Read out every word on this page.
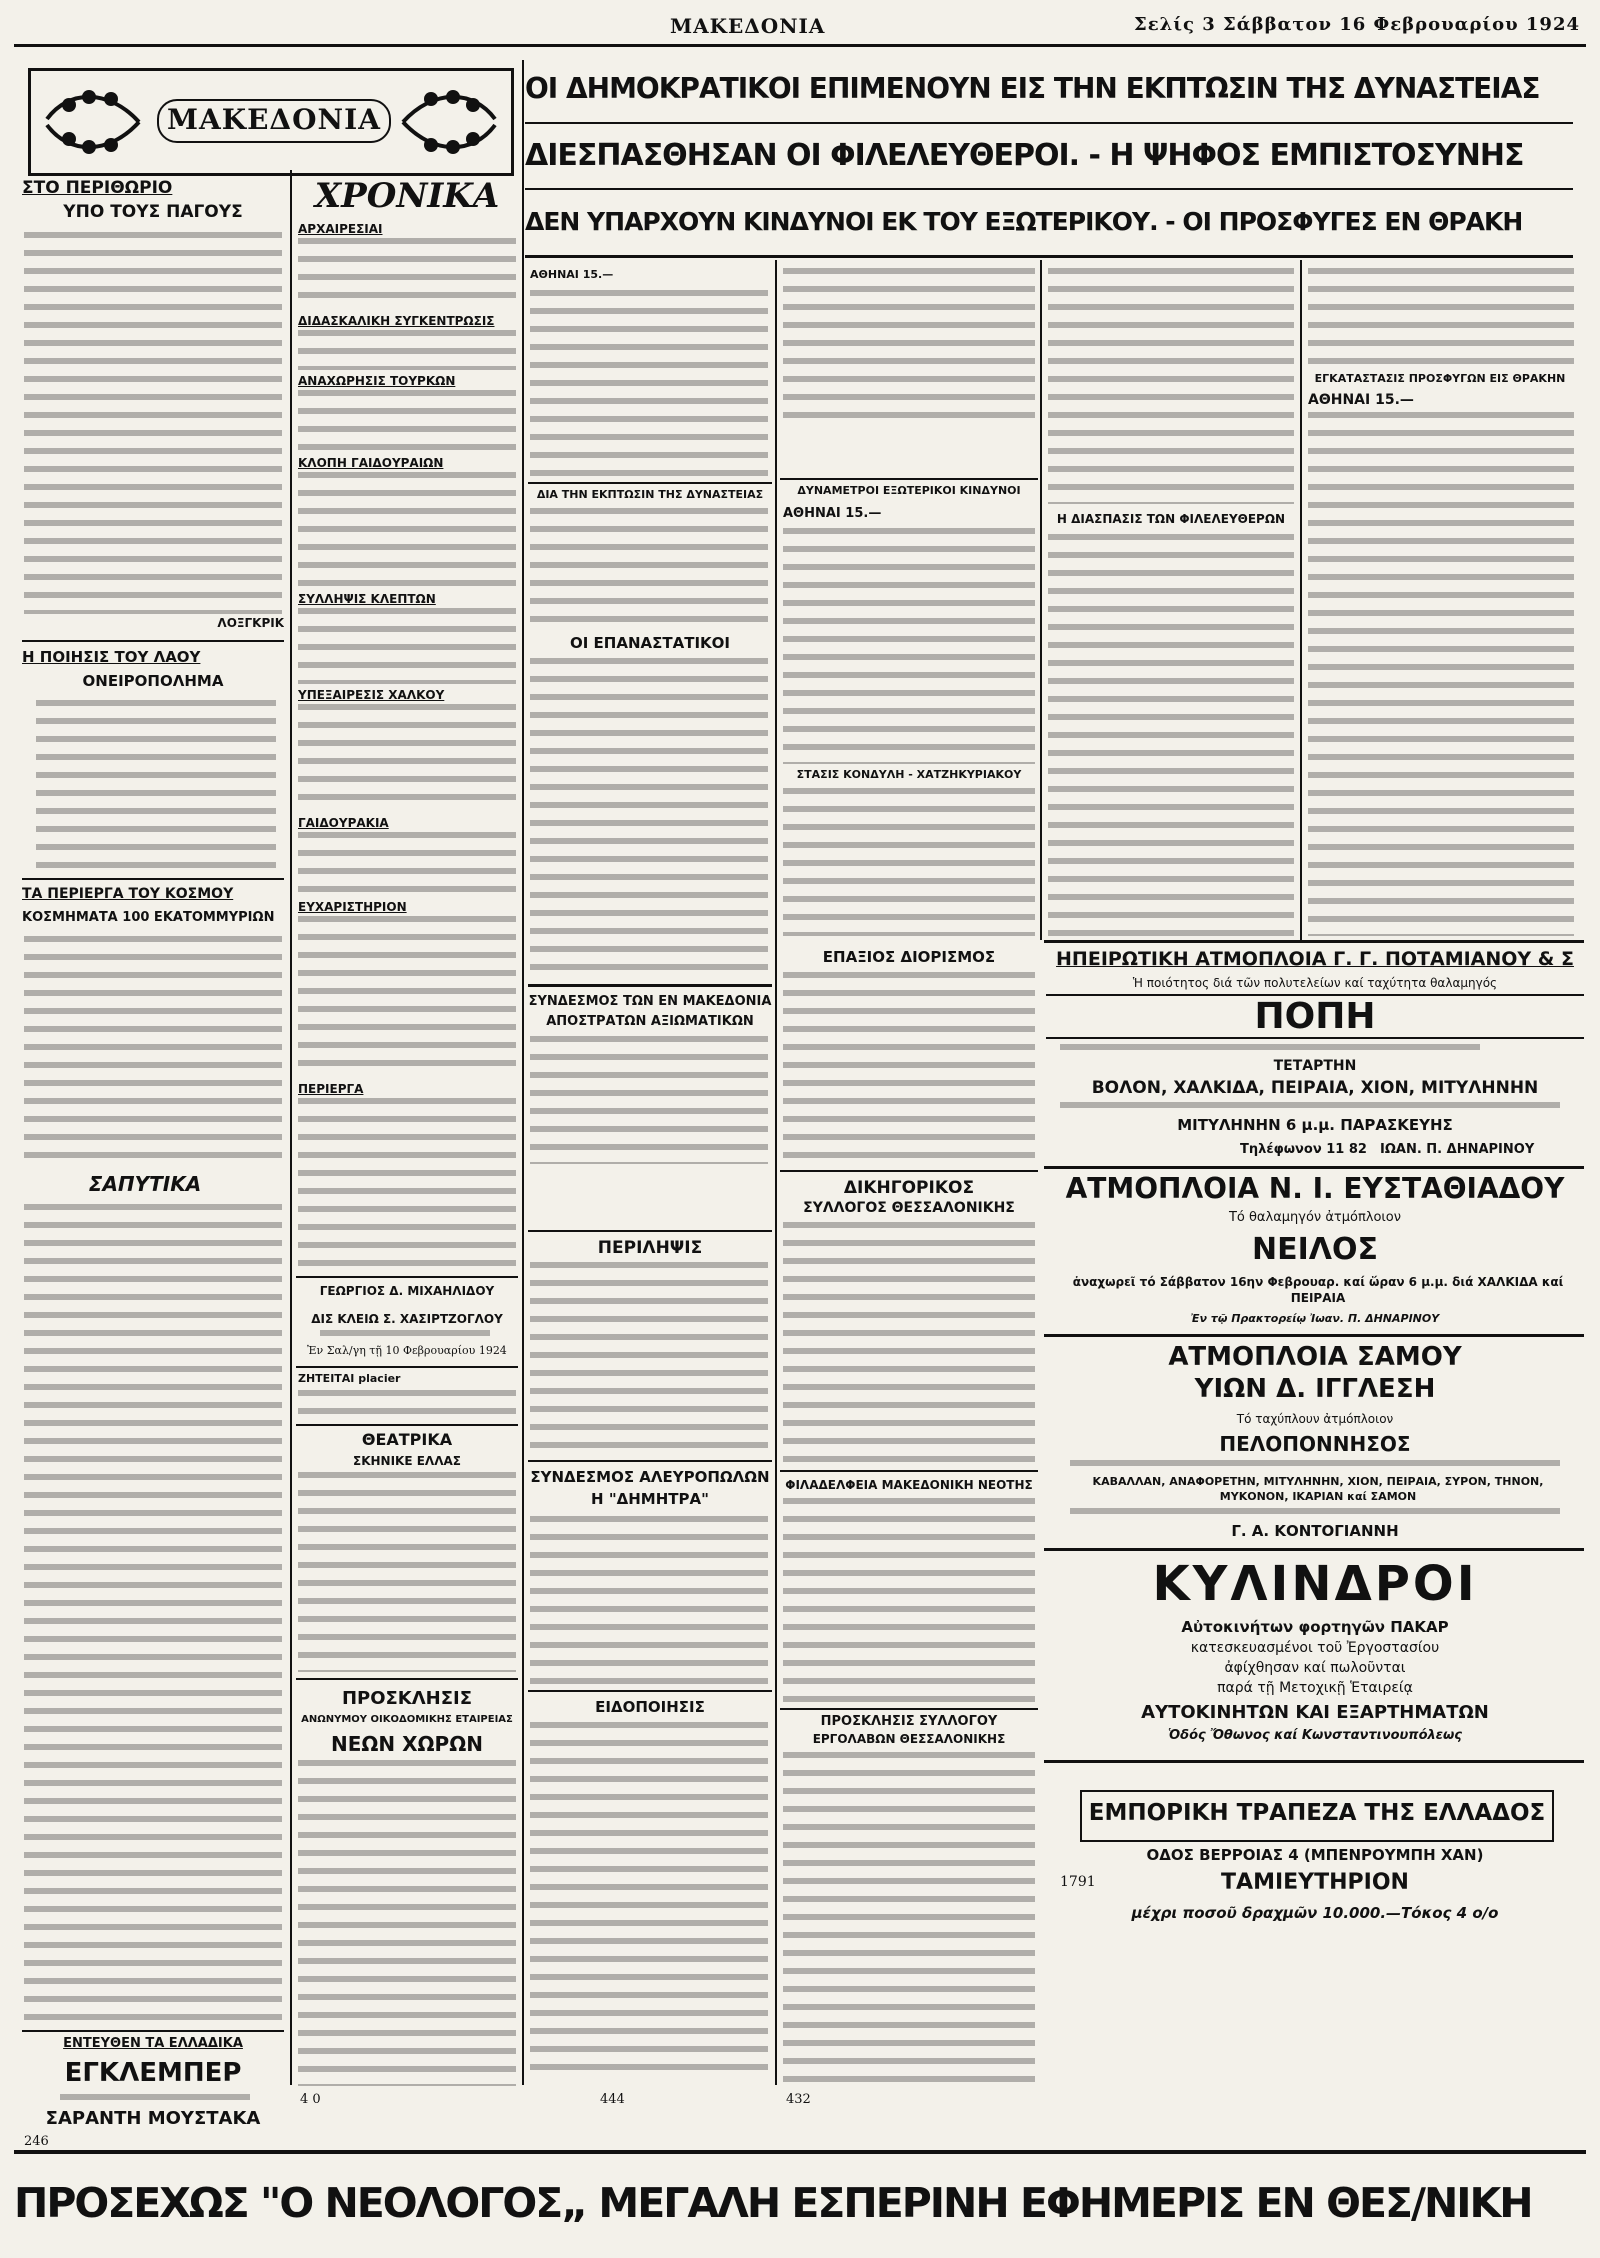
ΜΑΚΕΔΟΝΙΑ	Σελίς 3 Σάββατον 16 Φεβρουαρίου 1924
ΜΑΚΕΔΟΝΙΑ
ΟΙ ΔΗΜΟΚΡΑΤΙΚΟΙ ΕΠΙΜΕΝΟΥΝ ΕΙΣ ΤΗΝ ΕΚΠΤΩΣΙΝ ΤΗΣ ΔΥΝΑΣΤΕΙΑΣ
ΔΙΕΣΠΑΣΘΗΣΑΝ ΟΙ ΦΙΛΕΛΕΥΘΕΡΟΙ. - Η ΨΗΦΟΣ ΕΜΠΙΣΤΟΣΥΝΗΣ
ΔΕΝ ΥΠΑΡΧΟΥΝ ΚΙΝΔΥΝΟΙ ΕΚ ΤΟΥ ΕΞΩΤΕΡΙΚΟΥ. - ΟΙ ΠΡΟΣΦΥΓΕΣ ΕΝ ΘΡΑΚΗ
ΣΤΟ ΠΕΡΙΘΩΡΙΟ
ΥΠΟ ΤΟΥΣ ΠΑΓΟΥΣ
ΛΟΞΓΚΡΙΚ
Η ΠΟΙΗΣΙΣ ΤΟΥ ΛΑΟΥ
ΟΝΕΙΡΟΠΟΛΗΜΑ
ΤΑ ΠΕΡΙΕΡΓΑ ΤΟΥ ΚΟΣΜΟΥ
ΚΟΣΜΗΜΑΤΑ 100 ΕΚΑΤΟΜΜΥΡΙΩΝ
ΣΑΠΥΤΙΚΑ
ΕΝΤΕΥΘΕΝ ΤΑ ΕΛΛΑΔΙΚΑ
ΕΓΚΛΕΜΠΕΡ
ΣΑΡΑΝΤΗ ΜΟΥΣΤΑΚΑ
246
ΧΡΟΝΙΚΑ
ΑΡΧΑΙΡΕΣΙΑΙ
ΔΙΔΑΣΚΑΛΙΚΗ ΣΥΓΚΕΝΤΡΩΣΙΣ
ΑΝΑΧΩΡΗΣΙΣ ΤΟΥΡΚΩΝ
ΚΛΟΠΗ ΓΑΙΔΟΥΡΑΙΩΝ
ΣΥΛΛΗΨΙΣ ΚΛΕΠΤΩΝ
ΥΠΕΞΑΙΡΕΣΙΣ ΧΑΛΚΟΥ
ΓΑΙΔΟΥΡΑΚΙΑ
ΕΥΧΑΡΙΣΤΗΡΙΟΝ
ΠΕΡΙΕΡΓΑ
ΓΕΩΡΓΙΟΣ Δ. ΜΙΧΑΗΛΙΔΟΥ
ΔΙΣ ΚΛΕΙΩ Σ. ΧΑΣΙΡΤΖΟΓΛΟΥ
Ἐν Σαλ/γη τῇ 10 Φεβρουαρίου 1924
ΖΗΤΕΙΤΑΙ placier
ΘΕΑΤΡΙΚΑ
ΣΚΗΝΙΚΕ ΕΛΛΑΣ
ΠΡΟΣΚΛΗΣΙΣ
ΑΝΩΝΥΜΟΥ ΟΙΚΟΔΟΜΙΚΗΣ ΕΤΑΙΡΕΙΑΣ
ΝΕΩΝ ΧΩΡΩΝ
4 0
ΑΘΗΝΑΙ 15.—
ΔΙΑ ΤΗΝ ΕΚΠΤΩΣΙΝ ΤΗΣ ΔΥΝΑΣΤΕΙΑΣ
ΟΙ ΕΠΑΝΑΣΤΑΤΙΚΟΙ
ΣΥΝΔΕΣΜΟΣ ΤΩΝ ΕΝ ΜΑΚΕΔΟΝΙΑ
ΑΠΟΣΤΡΑΤΩΝ ΑΞΙΩΜΑΤΙΚΩΝ
ΠΕΡΙΛΗΨΙΣ
ΣΥΝΔΕΣΜΟΣ ΑΛΕΥΡΟΠΩΛΩΝ
Η "ΔΗΜΗΤΡΑ"
ΕΙΔΟΠΟΙΗΣΙΣ
444
ΔΥΝΑΜΕΤΡΟΙ ΕΞΩΤΕΡΙΚΟΙ ΚΙΝΔΥΝΟΙ
ΑΘΗΝΑΙ 15.—
ΣΤΑΣΙΣ ΚΟΝΔΥΛΗ - ΧΑΤΖΗΚΥΡΙΑΚΟΥ
ΕΠΑΞΙΟΣ ΔΙΟΡΙΣΜΟΣ
ΔΙΚΗΓΟΡΙΚΟΣ
ΣΥΛΛΟΓΟΣ ΘΕΣΣΑΛΟΝΙΚΗΣ
ΦΙΛΑΔΕΛΦΕΙΑ ΜΑΚΕΔΟΝΙΚΗ ΝΕΟΤΗΣ
ΠΡΟΣΚΛΗΣΙΣ ΣΥΛΛΟΓΟΥ
ΕΡΓΟΛΑΒΩΝ ΘΕΣΣΑΛΟΝΙΚΗΣ
432
Η ΔΙΑΣΠΑΣΙΣ ΤΩΝ ΦΙΛΕΛΕΥΘΕΡΩΝ
ΕΓΚΑΤΑΣΤΑΣΙΣ ΠΡΟΣΦΥΓΩΝ ΕΙΣ ΘΡΑΚΗΝ
ΑΘΗΝΑΙ 15.—
ΗΠΕΙΡΩΤΙΚΗ ΑΤΜΟΠΛΟΙΑ Γ. Γ. ΠΟΤΑΜΙΑΝΟΥ & Σ
Ἡ ποιότητος διά τῶν πολυτελείων καί ταχύτητα θαλαμηγός
ΠΟΠΗ
ΤΕΤΑΡΤΗΝ
ΒΟΛΟΝ, ΧΑΛΚΙΔΑ, ΠΕΙΡΑΙΑ, ΧΙΟΝ, ΜΙΤΥΛΗΝΗΝ
ΜΙΤΥΛΗΝΗΝ 6 μ.μ. ΠΑΡΑΣΚΕΥΗΣ
Τηλέφωνον 11 82 ΙΩΑΝ. Π. ΔΗΝΑΡΙΝΟΥ
ΑΤΜΟΠΛΟΙΑ Ν. Ι. ΕΥΣΤΑΘΙΑΔΟΥ
Τό θαλαμηγόν ἀτμόπλοιον
ΝΕΙΛΟΣ
ἀναχωρεῖ τό Σάββατον 16ην Φεβρουαρ. καί ὥραν 6 μ.μ. διά ΧΑΛΚΙΔΑ καί ΠΕΙΡΑΙΑ
Ἐν τῷ Πρακτορείῳ Ἰωαν. Π. ΔΗΝΑΡΙΝΟΥ
ΑΤΜΟΠΛΟΙΑ ΣΑΜΟΥ
ΥΙΩΝ Δ. ΙΓΓΛΕΣΗ
Τό ταχύπλουν ἀτμόπλοιον
ΠΕΛΟΠΟΝΝΗΣΟΣ
ΚΑΒΑΛΛΑΝ, ΑΝΑΦΟΡΕΤΗΝ, ΜΙΤΥΛΗΝΗΝ, ΧΙΟΝ, ΠΕΙΡΑΙΑ, ΣΥΡΟΝ, ΤΗΝΟΝ, ΜΥΚΟΝΟΝ, ΙΚΑΡΙΑΝ καί ΣΑΜΟΝ
Γ. Α. ΚΟΝΤΟΓΙΑΝΝΗ
ΚΥΛΙΝΔΡΟΙ
Αὐτοκινήτων φορτηγῶν ΠΑΚΑΡ
κατεσκευασμένοι τοῦ Ἐργοστασίου
ἀφίχθησαν καί πωλοῦνται
παρά τῇ Μετοχικῇ Ἑταιρείᾳ
ΑΥΤΟΚΙΝΗΤΩΝ ΚΑΙ ΕΞΑΡΤΗΜΑΤΩΝ
Ὁδός Ὄθωνος καί Κωνσταντινουπόλεως
ΕΜΠΟΡΙΚΗ ΤΡΑΠΕΖΑ ΤΗΣ ΕΛΛΑΔΟΣ
ΟΔΟΣ ΒΕΡΡΟΙΑΣ 4 (ΜΠΕΝΡΟΥΜΠΗ ΧΑΝ)
1791	ΤΑΜΙΕΥΤΗΡΙΟΝ
μέχρι ποσοῦ δραχμῶν 10.000.—Τόκος 4 ο/ο
ΠΡΟΣΕΧΩΣ "Ο ΝΕΟΛΟΓΟΣ„ ΜΕΓΑΛΗ ΕΣΠΕΡΙΝΗ ΕΦΗΜΕΡΙΣ ΕΝ ΘΕΣ/ΝΙΚΗ
